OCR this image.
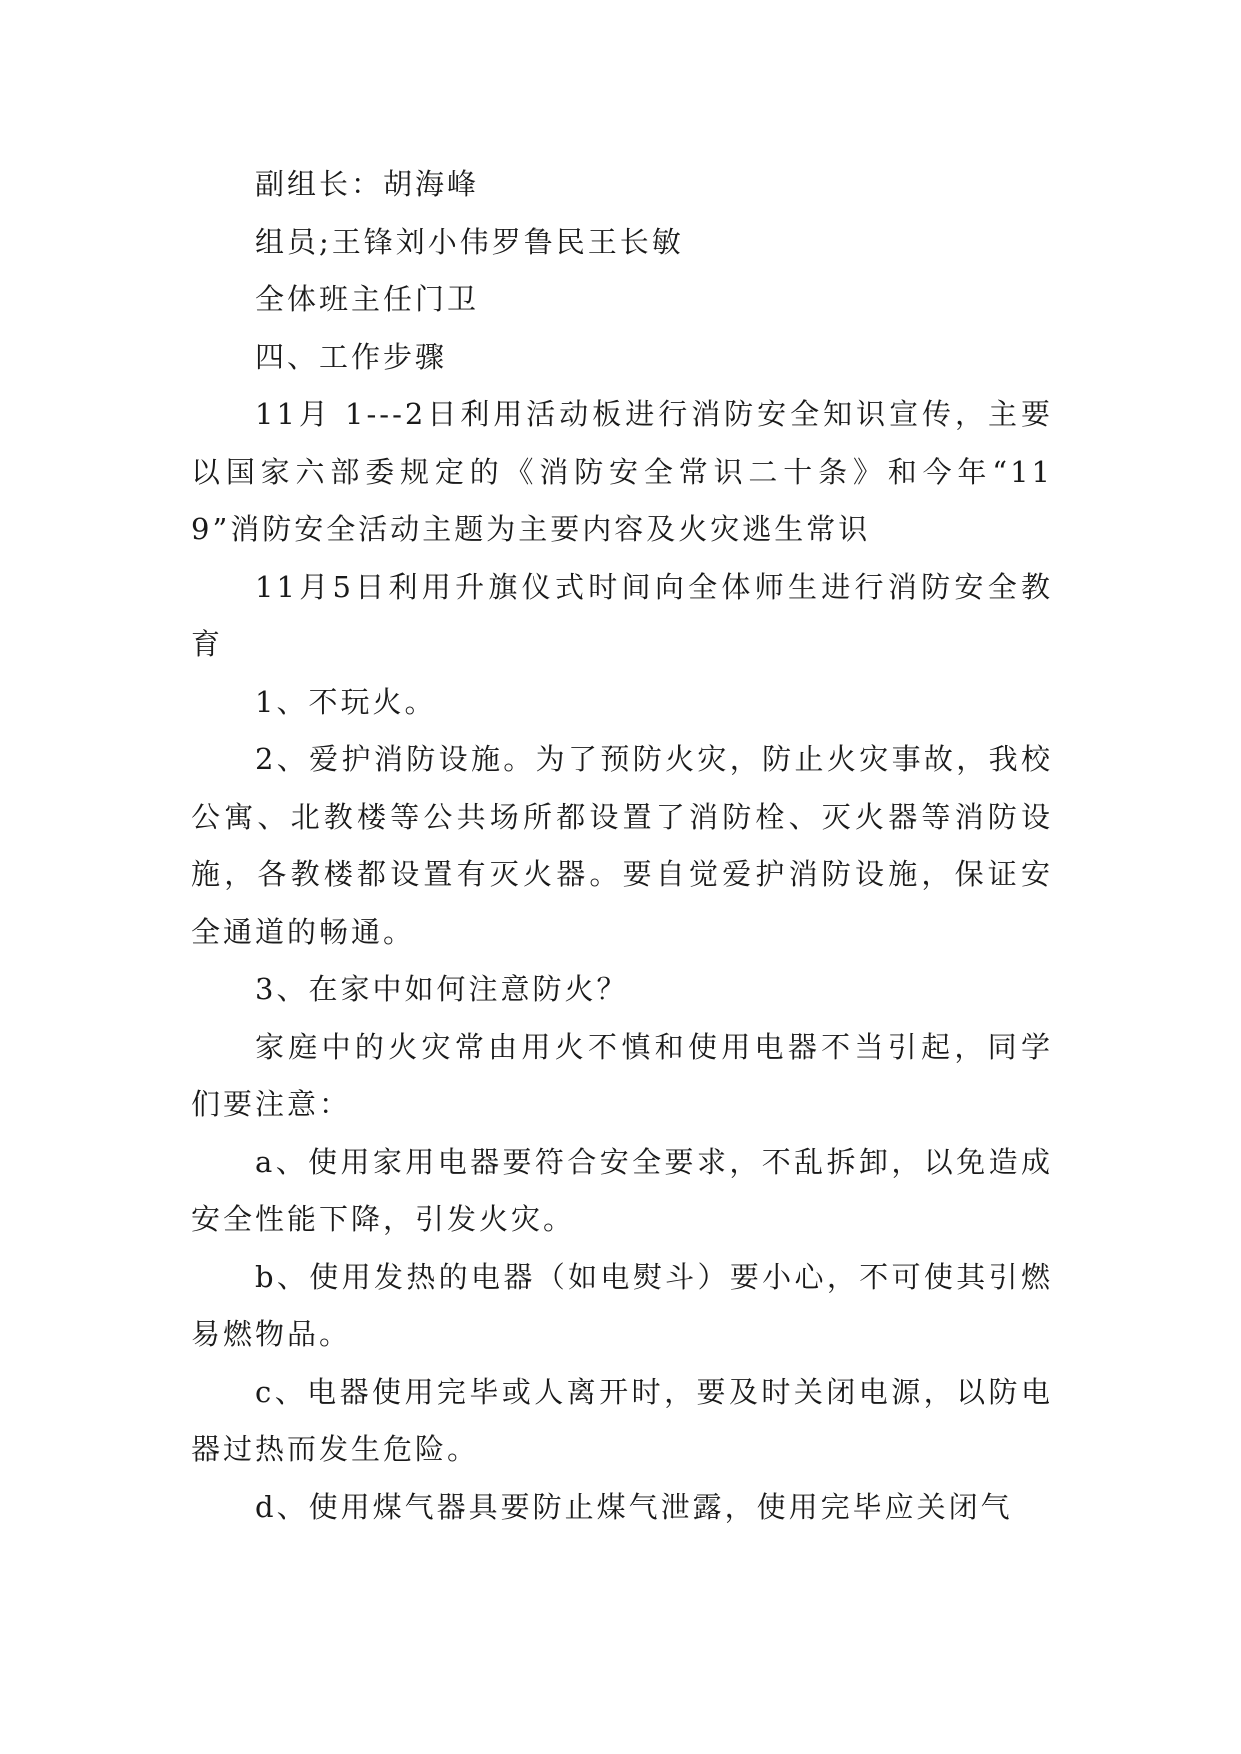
副组长：胡海峰

组员;王锋刘小伟罗鲁民王长敏

全体班主任门卫

四、工作步骤

11月 1---2日利用活动板进行消防安全知识宣传，主要以国家六部委规定的《消防安全常识二十条》和今年“119”消防安全活动主题为主要内容及火灾逃生常识

11月5日利用升旗仪式时间向全体师生进行消防安全教育

1、不玩火。

2、爱护消防设施。为了预防火灾，防止火灾事故，我校公寓、北教楼等公共场所都设置了消防栓、灭火器等消防设施，各教楼都设置有灭火器。要自觉爱护消防设施，保证安全通道的畅通。

3、在家中如何注意防火？

家庭中的火灾常由用火不慎和使用电器不当引起，同学们要注意：

a、使用家用电器要符合安全要求，不乱拆卸，以免造成安全性能下降，引发火灾。

b、使用发热的电器（如电熨斗）要小心，不可使其引燃易燃物品。

c、电器使用完毕或人离开时，要及时关闭电源，以防电器过热而发生危险。

d、使用煤气器具要防止煤气泄露，使用完毕应关闭气
